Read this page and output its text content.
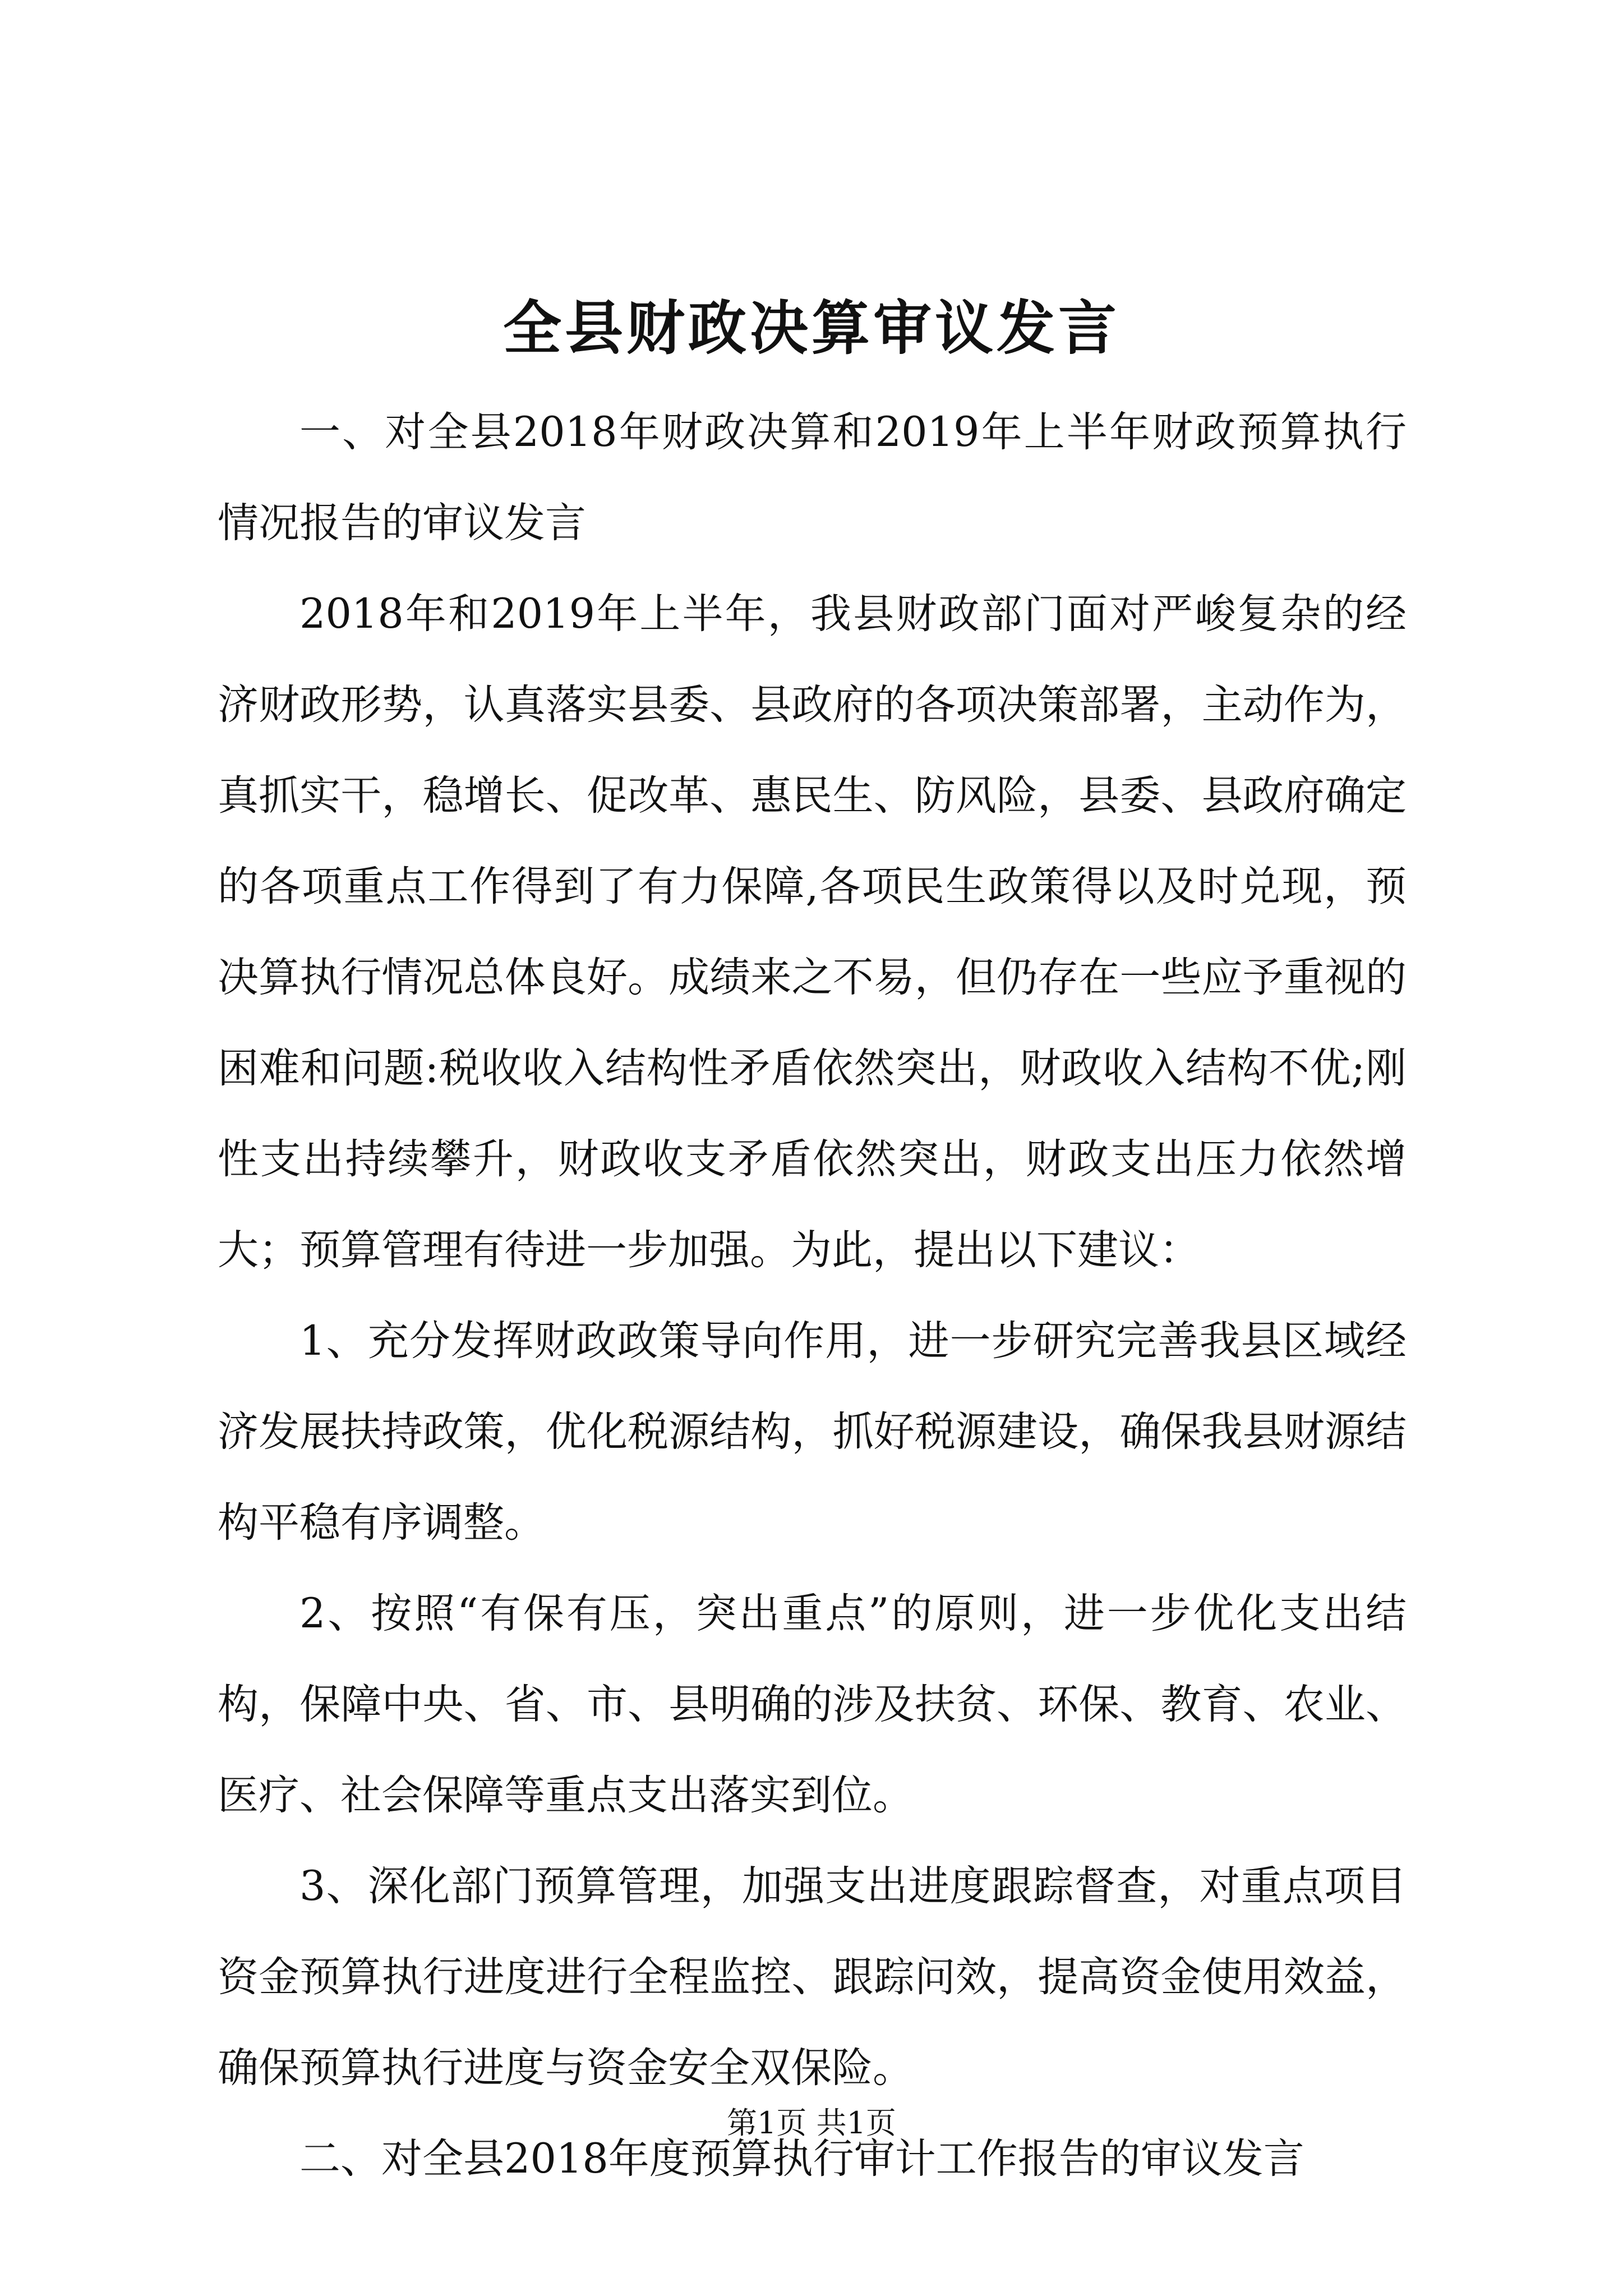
全县财政决算审议发言

一、对全县2018年财政决算和2019年上半年财政预算执行情况报告的审议发言

2018年和2019年上半年，我县财政部门面对严峻复杂的经济财政形势，认真落实县委、县政府的各项决策部署，主动作为，真抓实干，稳增长、促改革、惠民生、防风险，县委、县政府确定的各项重点工作得到了有力保障,各项民生政策得以及时兑现，预决算执行情况总体良好。成绩来之不易，但仍存在一些应予重视的困难和问题:税收收入结构性矛盾依然突出，财政收入结构不优;刚性支出持续攀升，财政收支矛盾依然突出，财政支出压力依然增大；预算管理有待进一步加强。为此，提出以下建议：

1、充分发挥财政政策导向作用，进一步研究完善我县区域经济发展扶持政策，优化税源结构，抓好税源建设，确保我县财源结构平稳有序调整。

2、按照“有保有压，突出重点”的原则，进一步优化支出结构，保障中央、省、市、县明确的涉及扶贫、环保、教育、农业、医疗、社会保障等重点支出落实到位。

3、深化部门预算管理，加强支出进度跟踪督查，对重点项目资金预算执行进度进行全程监控、跟踪问效，提高资金使用效益，确保预算执行进度与资金安全双保险。

二、对全县2018年度预算执行审计工作报告的审议发言

第1页 共1页
